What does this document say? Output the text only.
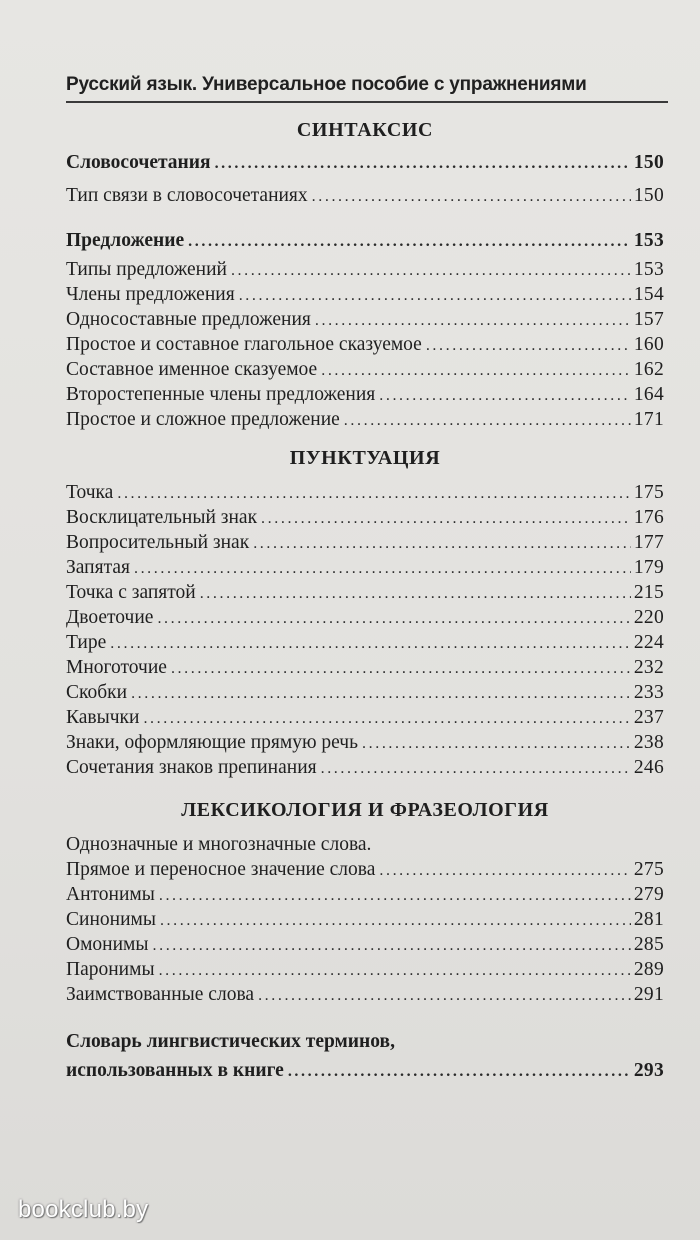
Русский язык. Универсальное пособие с упражнениями
СИНТАКСИС
Словосочетания .....	150
Тип связи в словосочетаниях .....	150
Предложение .....	153
Типы предложений .....	153
Члены предложения .....	154
Односоставные предложения .....	157
Простое и составное глагольное сказуемое .....	160
Составное именное сказуемое .....	162
Второстепенные члены предложения .....	164
Простое и сложное предложение .....	171
ПУНКТУАЦИЯ
Точка .....	175
Восклицательный знак .....	176
Вопросительный знак .....	177
Запятая .....	179
Точка с запятой .....	215
Двоеточие .....	220
Тире .....	224
Многоточие .....	232
Скобки .....	233
Кавычки .....	237
Знаки, оформляющие прямую речь .....	238
Сочетания знаков препинания .....	246
ЛЕКСИКОЛОГИЯ И ФРАЗЕОЛОГИЯ
Однозначные и многозначные слова.
Прямое и переносное значение слова .....	275
Антонимы .....	279
Синонимы .....	281
Омонимы .....	285
Паронимы .....	289
Заимствованные слова .....	291
Словарь лингвистических терминов,
использованных в книге .....	293
bookclub.by
